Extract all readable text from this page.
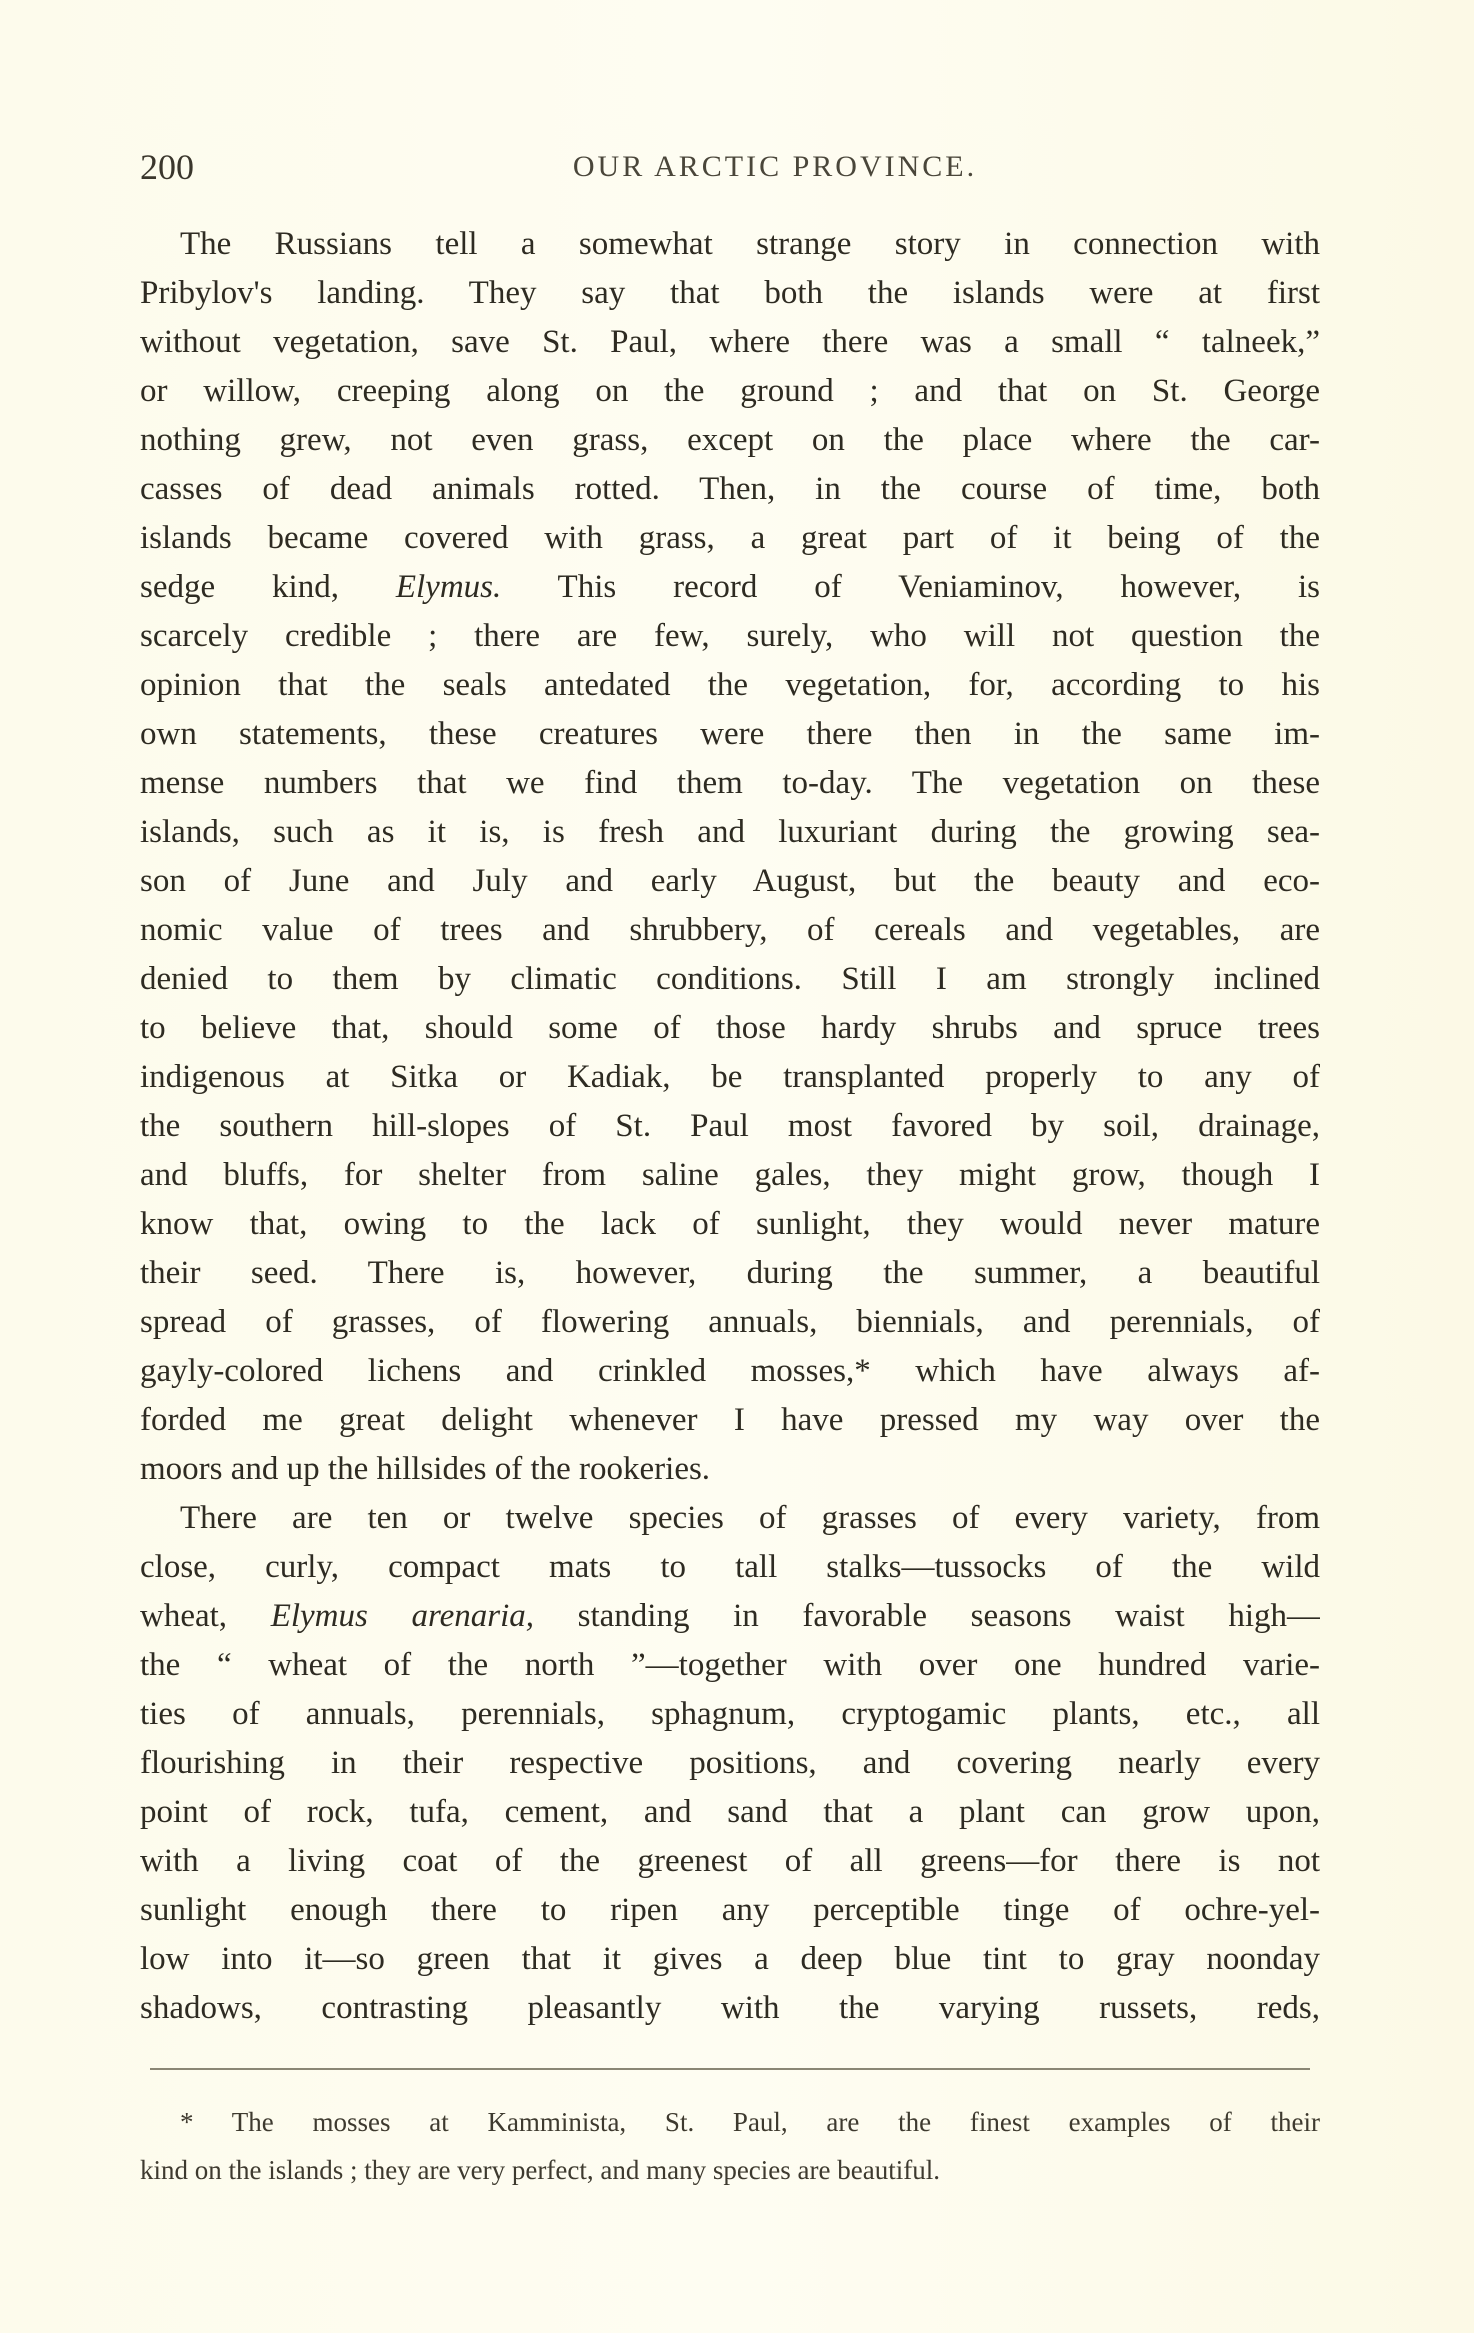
200	OUR ARCTIC PROVINCE.
The Russians tell a somewhat strange story in connection with
Pribylov's landing. They say that both the islands were at first
without vegetation, save St. Paul, where there was a small “ talneek,”
or willow, creeping along on the ground ; and that on St. George
nothing grew, not even grass, except on the place where the car-
casses of dead animals rotted. Then, in the course of time, both
islands became covered with grass, a great part of it being of the
sedge kind, Elymus. This record of Veniaminov, however, is
scarcely credible ; there are few, surely, who will not question the
opinion that the seals antedated the vegetation, for, according to his
own statements, these creatures were there then in the same im-
mense numbers that we find them to-day. The vegetation on these
islands, such as it is, is fresh and luxuriant during the growing sea-
son of June and July and early August, but the beauty and eco-
nomic value of trees and shrubbery, of cereals and vegetables, are
denied to them by climatic conditions. Still I am strongly inclined
to believe that, should some of those hardy shrubs and spruce trees
indigenous at Sitka or Kadiak, be transplanted properly to any of
the southern hill-slopes of St. Paul most favored by soil, drainage,
and bluffs, for shelter from saline gales, they might grow, though I
know that, owing to the lack of sunlight, they would never mature
their seed. There is, however, during the summer, a beautiful
spread of grasses, of flowering annuals, biennials, and perennials, of
gayly-colored lichens and crinkled mosses,* which have always af-
forded me great delight whenever I have pressed my way over the
moors and up the hillsides of the rookeries.
There are ten or twelve species of grasses of every variety, from
close, curly, compact mats to tall stalks—tussocks of the wild
wheat, Elymus arenaria, standing in favorable seasons waist high—
the “ wheat of the north ”—together with over one hundred varie-
ties of annuals, perennials, sphagnum, cryptogamic plants, etc., all
flourishing in their respective positions, and covering nearly every
point of rock, tufa, cement, and sand that a plant can grow upon,
with a living coat of the greenest of all greens—for there is not
sunlight enough there to ripen any perceptible tinge of ochre-yel-
low into it—so green that it gives a deep blue tint to gray noonday
shadows, contrasting pleasantly with the varying russets, reds,
* The mosses at Kamminista, St. Paul, are the finest examples of their
kind on the islands ; they are very perfect, and many species are beautiful.
